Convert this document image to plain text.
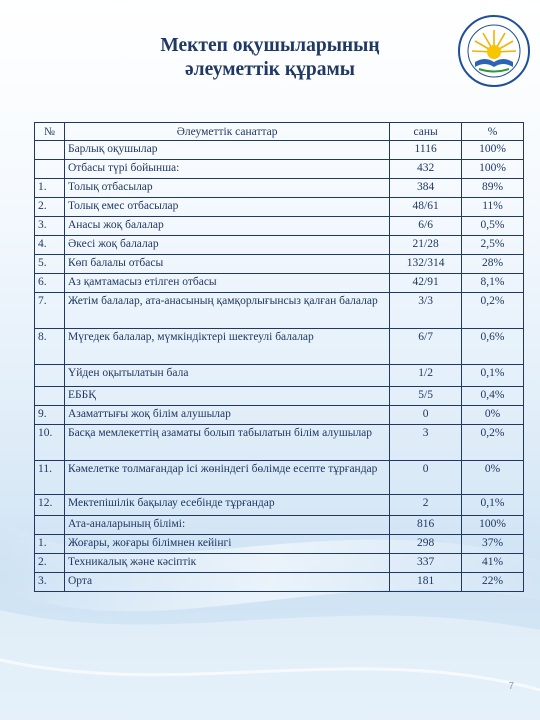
Мектеп оқушыларының
әлеуметтік құрамы
№	Әлеуметтік санаттар	саны	%
	Барлық оқушылар	1116	100%
	Отбасы түрі бойынша:	432	100%
1.	Толық отбасылар	384	89%
2.	Толық емес отбасылар	48/61	11%
3.	Анасы жоқ балалар	6/6	0,5%
4.	Әкесі жоқ балалар	21/28	2,5%
5.	Көп балалы отбасы	132/314	28%
6.	Аз қамтамасыз етілген отбасы	42/91	8,1%
7.	Жетім балалар, ата-анасының қамқорлығынсыз қалған балалар	3/3	0,2%
8.	Мүгедек балалар, мүмкіндіктері шектеулі балалар	6/7	0,6%
	Үйден оқытылатын бала	1/2	0,1%
	ЕББҚ	5/5	0,4%
9.	Азаматтығы жоқ білім алушылар	0	0%
10.	Басқа мемлекеттің азаматы болып табылатын білім алушылар	3	0,2%
11.	Кәмелетке толмағандар ісі жөніндегі бөлімде есепте тұрғандар	0	0%
12.	Мектепішілік бақылау есебінде тұрғандар	2	0,1%
	Ата-аналарының білімі:	816	100%
1.	Жоғары, жоғары білімнен кейінгі	298	37%
2.	Техникалық және кәсіптік	337	41%
3.	Орта	181	22%
7
